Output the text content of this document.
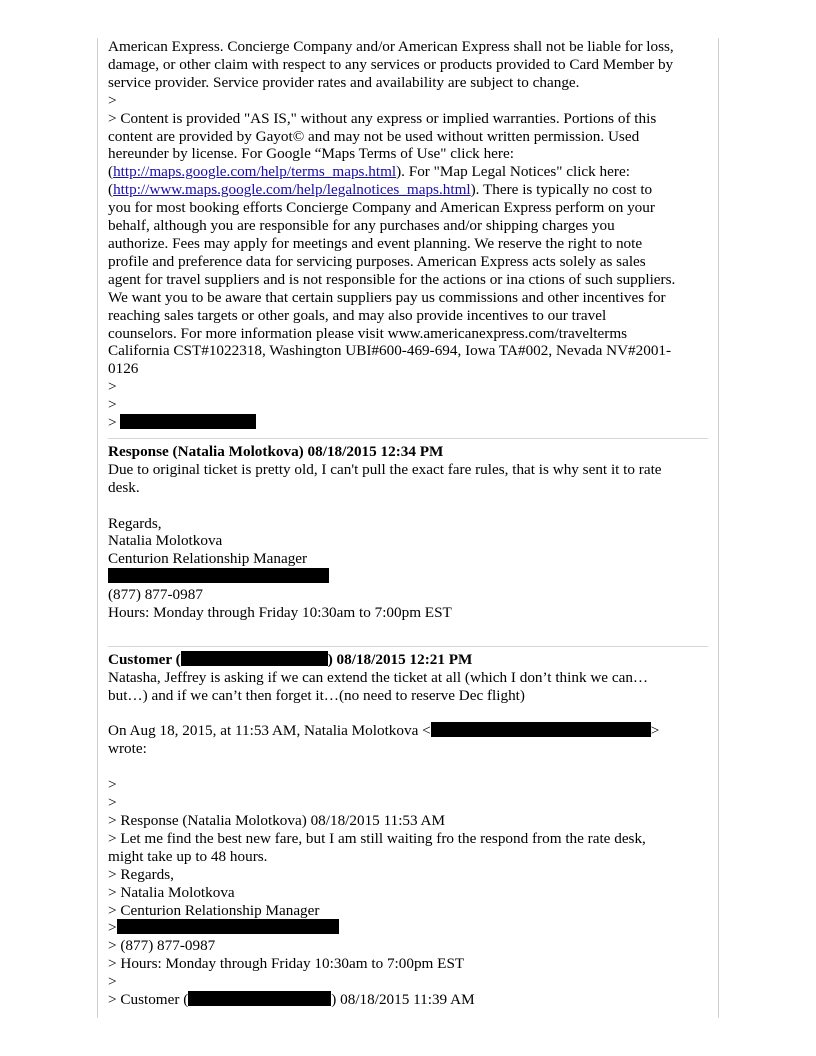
American Express. Concierge Company and/or American Express shall not be liable for loss,

damage, or other claim with respect to any services or products provided to Card Member by

service provider. Service provider rates and availability are subject to change.

>

> Content is provided "AS IS," without any express or implied warranties. Portions of this

content are provided by Gayot© and may not be used without written permission. Used

hereunder by license. For Google “Maps Terms of Use" click here:

(http://maps.google.com/help/terms_maps.html). For "Map Legal Notices" click here:

(http://www.maps.google.com/help/legalnotices_maps.html). There is typically no cost to

you for most booking efforts Concierge Company and American Express perform on your

behalf, although you are responsible for any purchases and/or shipping charges you

authorize. Fees may apply for meetings and event planning. We reserve the right to note

profile and preference data for servicing purposes. American Express acts solely as sales

agent for travel suppliers and is not responsible for the actions or ina ctions of such suppliers.

We want you to be aware that certain suppliers pay us commissions and other incentives for

reaching sales targets or other goals, and may also provide incentives to our travel

counselors. For more information please visit www.americanexpress.com/travelterms

California CST#1022318, Washington UBI#600-469-694, Iowa TA#002, Nevada NV#2001-

0126

>

>

>

Response (Natalia Molotkova) 08/18/2015 12:34 PM

Due to original ticket is pretty old, I can't pull the exact fare rules, that is why sent it to rate

desk.

Regards,

Natalia Molotkova

Centurion Relationship Manager

(877) 877-0987

Hours: Monday through Friday 10:30am to 7:00pm EST

Customer (	) 08/18/2015 12:21 PM

Natasha, Jeffrey is asking if we can extend the ticket at all (which I don’t think we can…

but…) and if we can’t then forget it…(no need to reserve Dec flight)

On Aug 18, 2015, at 11:53 AM, Natalia Molotkova <	>

wrote:

>

>

> Response (Natalia Molotkova) 08/18/2015 11:53 AM

> Let me find the best new fare, but I am still waiting fro the respond from the rate desk,

might take up to 48 hours.

> Regards,

> Natalia Molotkova

> Centurion Relationship Manager

>

> (877) 877-0987

> Hours: Monday through Friday 10:30am to 7:00pm EST

>

> Customer (	) 08/18/2015 11:39 AM
